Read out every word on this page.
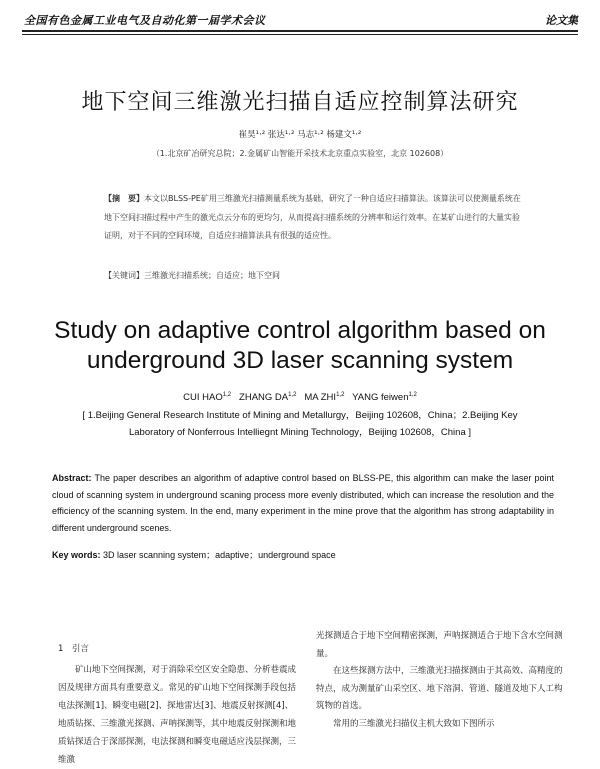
全国有色金属工业电气及自动化第一届学术会议	论文集
地下空间三维激光扫描自适应控制算法研究
崔昊¹·² 张达¹·² 马志¹·² 杨建文¹·²
（1.北京矿冶研究总院；2.金属矿山智能开采技术北京重点实验室，北京 102608）
【摘　要】本文以BLSS-PE矿用三维激光扫描测量系统为基础，研究了一种自适应扫描算法。该算法可以使测量系统在地下空间扫描过程中产生的激光点云分布的更均匀，从而提高扫描系统的分辨率和运行效率。在某矿山进行的大量实验证明，对于不同的空间环境，自适应扫描算法具有很强的适应性。
【关键词】三维激光扫描系统；自适应；地下空间
Study on adaptive control algorithm based on
underground 3D laser scanning system
CUI HAO$^{1,2}$ ZHANG DA$^{1,2}$ MA ZHI$^{1,2}$ YANG feiwen$^{1,2}$
[ 1.Beijing General Research Institute of Mining and Metallurgy，Beijing 102608，China；2.Beijing Key
Laboratory of Nonferrous Intelliegnt Mining Technology，Beijing 102608，China ]
Abstract: The paper describes an algorithm of adaptive control based on BLSS-PE, this algorithm can make the laser point cloud of scanning system in underground scaning process more evenly distributed, which can increase the resolution and the efficiency of the scanning system. In the end, many experiment in the mine prove that the algorithm has strong adaptability in different underground scenes.
Key words: 3D laser scanning system；adaptive；underground space
1　引言
矿山地下空间探测，对于消除采空区安全隐患、分析巷震成因及规律方面具有重要意义。常见的矿山地下空间探测手段包括电法探测[1]、瞬变电磁[2]、探地雷达[3]、地震反射探测[4]、地质钻探、三维激光探测、声呐探测等，其中地震反射探测和地质钻探适合于深部探测，电法探测和瞬变电磁适应浅层探测，三维激
光探测适合于地下空间精密探测，声呐探测适合于地下含水空间测量。
在这些探测方法中，三维激光扫描探测由于其高效、高精度的特点，成为测量矿山采空区、地下溶洞、管道、隧道及地下人工构筑物的首选。
常用的三维激光扫描仪主机大致如下图所示
